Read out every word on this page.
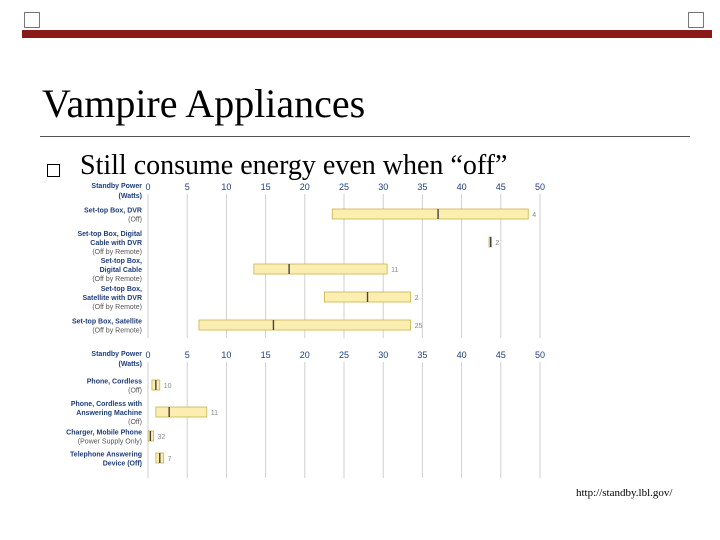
Vampire Appliances
Still consume energy even when “off”
0	5	10	15	20	25	30	35	40	45	50
Standby Power
(Watts)
Set-top Box, DVR
(Off)
4
Set-top Box, Digital
Cable with DVR
(Off by Remote)
2
Set-top Box,
Digital Cable
(Off by Remote)
11
Set-top Box,
Satellite with DVR
(Off by Remote)
2
Set-top Box, Satellite
(Off by Remote)
25
0	5	10	15	20	25	30	35	40	45	50
Standby Power
(Watts)
Phone, Cordless
(Off)
10
Phone, Cordless with
Answering Machine
(Off)
11
Charger, Mobile Phone
(Power Supply Only)
32
Telephone Answering
Device (Off)
7
http://standby.lbl.gov/
